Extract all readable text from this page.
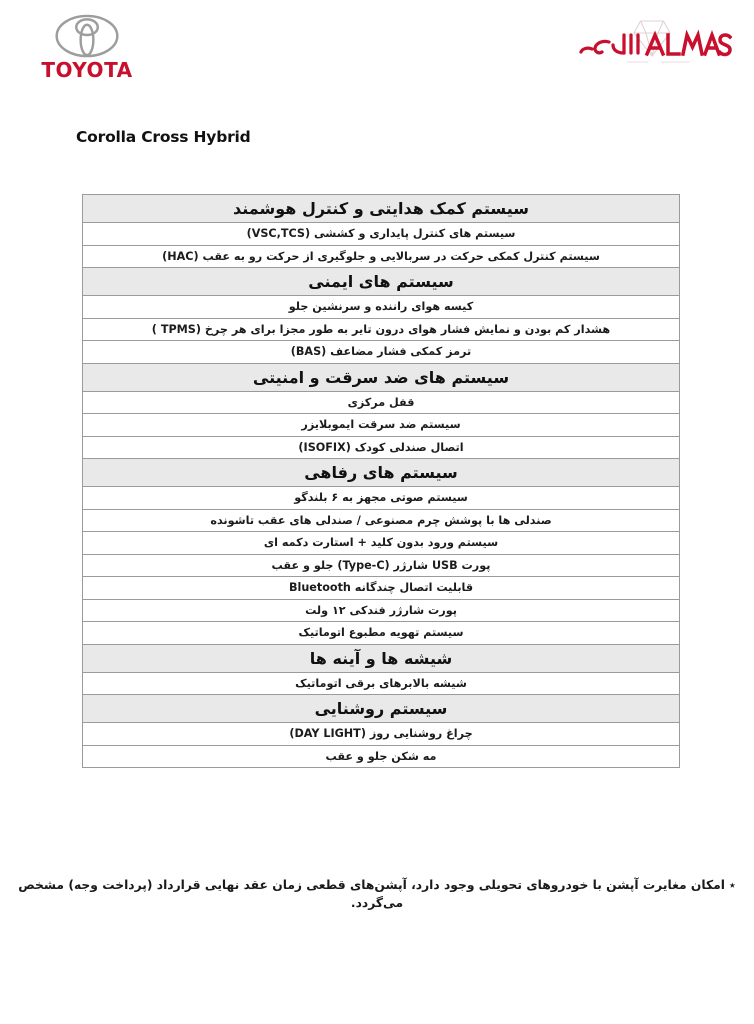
TOYOTA
Corolla Cross Hybrid
سیستم کمک هدایتی و کنترل هوشمند
سیستم های کنترل پایداری و کششی (VSC,TCS)
سیستم کنترل کمکی حرکت در سربالایی و جلوگیری از حرکت رو به عقب (HAC)
سیستم های ایمنی
کیسه هوای راننده و سرنشین جلو
هشدار کم بودن و نمایش فشار هوای درون تایر به طور مجزا برای هر چرخ (TPMS )
ترمز کمکی فشار مضاعف (BAS)
سیستم های ضد سرقت و امنیتی
قفل مرکزی
سیستم ضد سرقت ایموبلایزر
اتصال صندلی کودک (ISOFIX)
سیستم های رفاهی
سیستم صوتی مجهز به ۶ بلندگو
صندلی ها با پوشش چرم مصنوعی / صندلی های عقب تاشونده
سیستم ورود بدون کلید + استارت دکمه ای
پورت USB شارژر (Type-C) جلو و عقب
قابلیت اتصال چندگانه Bluetooth
پورت شارژر فندکی ۱۲ ولت
سیستم تهویه مطبوع اتوماتیک
شیشه ها و آینه ها
شیشه بالابرهای برقی اتوماتیک
سیستم روشنایی
چراغ روشنایی روز (DAY LIGHT)
مه شکن جلو و عقب
٭امکان مغایرت آپشن با خودروهای تحویلی وجود دارد، آپشن‌های قطعی زمان عقد نهایی قرارداد (پرداخت وجه) مشخص می‌گردد.
